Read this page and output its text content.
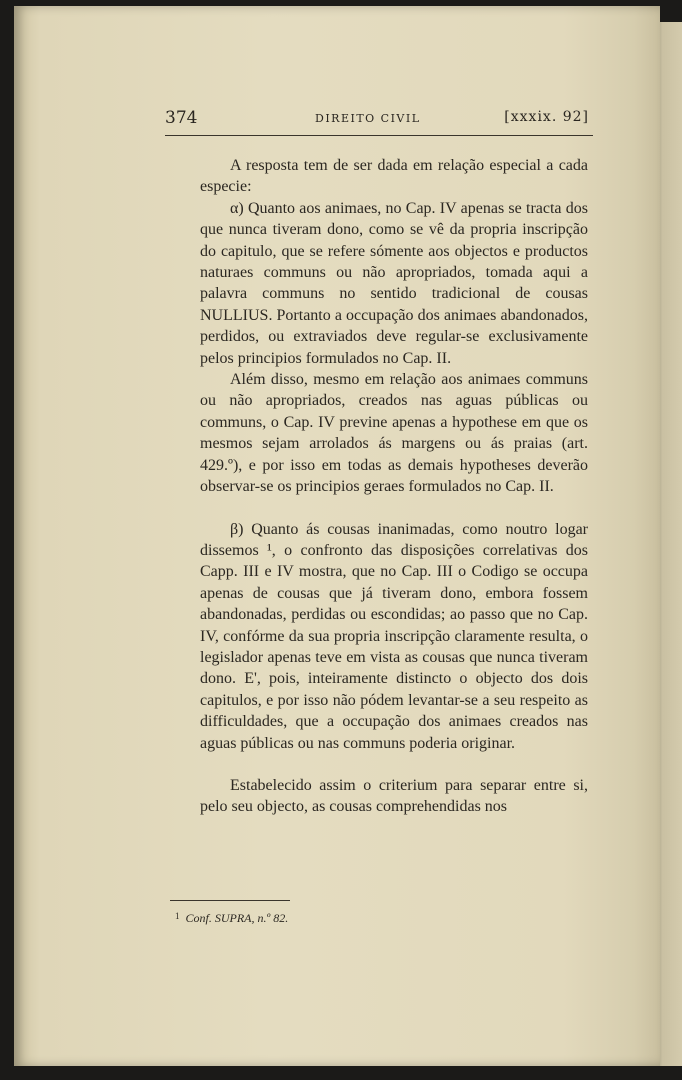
374	DIREITO CIVIL	[xxxix. 92]

A resposta tem de ser dada em relação especial a cada especie:

α) Quanto aos animaes, no Cap. IV apenas se tracta dos que nunca tiveram dono, como se vê da propria inscripção do capitulo, que se refere sómente aos objectos e productos naturaes communs ou não apropriados, tomada aqui a palavra communs no sentido tradicional de cousas NULLIUS. Portanto a occupação dos animaes abandonados, perdidos, ou extraviados deve regular-se exclusivamente pelos principios formulados no Cap. II.

Além disso, mesmo em relação aos animaes communs ou não apropriados, creados nas aguas públicas ou communs, o Cap. IV previne apenas a hypothese em que os mesmos sejam arrolados ás margens ou ás praias (art. 429.º), e por isso em todas as demais hypotheses deverão observar-se os principios geraes formulados no Cap. II.

β) Quanto ás cousas inanimadas, como noutro logar dissemos ¹, o confronto das disposições correlativas dos Capp. III e IV mostra, que no Cap. III o Codigo se occupa apenas de cousas que já tiveram dono, embora fossem abandonadas, perdidas ou escondidas; ao passo que no Cap. IV, confórme da sua propria inscripção claramente resulta, o legislador apenas teve em vista as cousas que nunca tiveram dono. E', pois, inteiramente distincto o objecto dos dois capitulos, e por isso não pódem levantar-se a seu respeito as difficuldades, que a occupação dos animaes creados nas aguas públicas ou nas communs poderia originar.

Estabelecido assim o criterium para separar entre si, pelo seu objecto, as cousas comprehendidas nos

$^1$ Conf. SUPRA, n.º 82.
